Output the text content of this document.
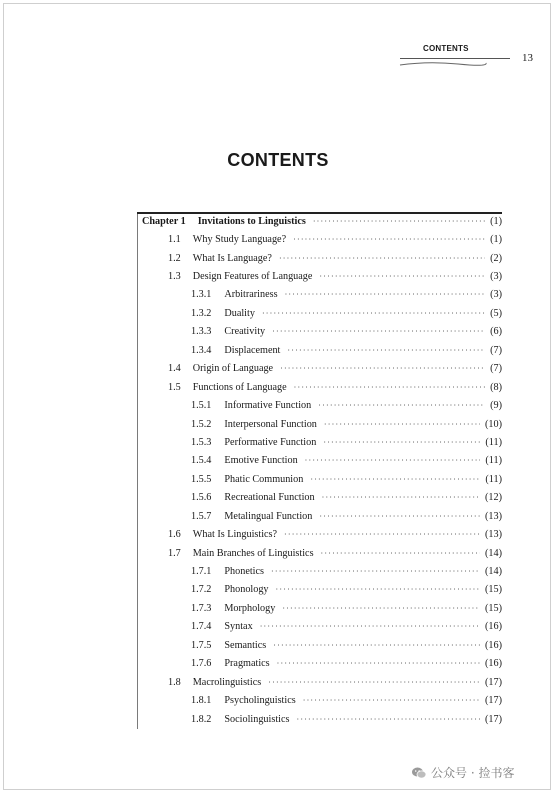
CONTENTS
13
CONTENTS
Chapter 1 Invitations to Linguistics ·····	(1)
1.1 Why Study Language? ·····	(1)
1.2 What Is Language? ·····	(2)
1.3 Design Features of Language ·····	(3)
1.3.1 Arbitrariness ·····	(3)
1.3.2 Duality ·····	(5)
1.3.3 Creativity ·····	(6)
1.3.4 Displacement ·····	(7)
1.4 Origin of Language ·····	(7)
1.5 Functions of Language ·····	(8)
1.5.1 Informative Function ·····	(9)
1.5.2 Interpersonal Function ·····	(10)
1.5.3 Performative Function ·····	(11)
1.5.4 Emotive Function ·····	(11)
1.5.5 Phatic Communion ·····	(11)
1.5.6 Recreational Function ·····	(12)
1.5.7 Metalingual Function ·····	(13)
1.6 What Is Linguistics? ·····	(13)
1.7 Main Branches of Linguistics ·····	(14)
1.7.1 Phonetics ·····	(14)
1.7.2 Phonology ·····	(15)
1.7.3 Morphology ·····	(15)
1.7.4 Syntax ·····	(16)
1.7.5 Semantics ·····	(16)
1.7.6 Pragmatics ·····	(16)
1.8 Macrolinguistics ·····	(17)
1.8.1 Psycholinguistics ·····	(17)
1.8.2 Sociolinguistics ·····	(17)
公众号 · 捡书客
